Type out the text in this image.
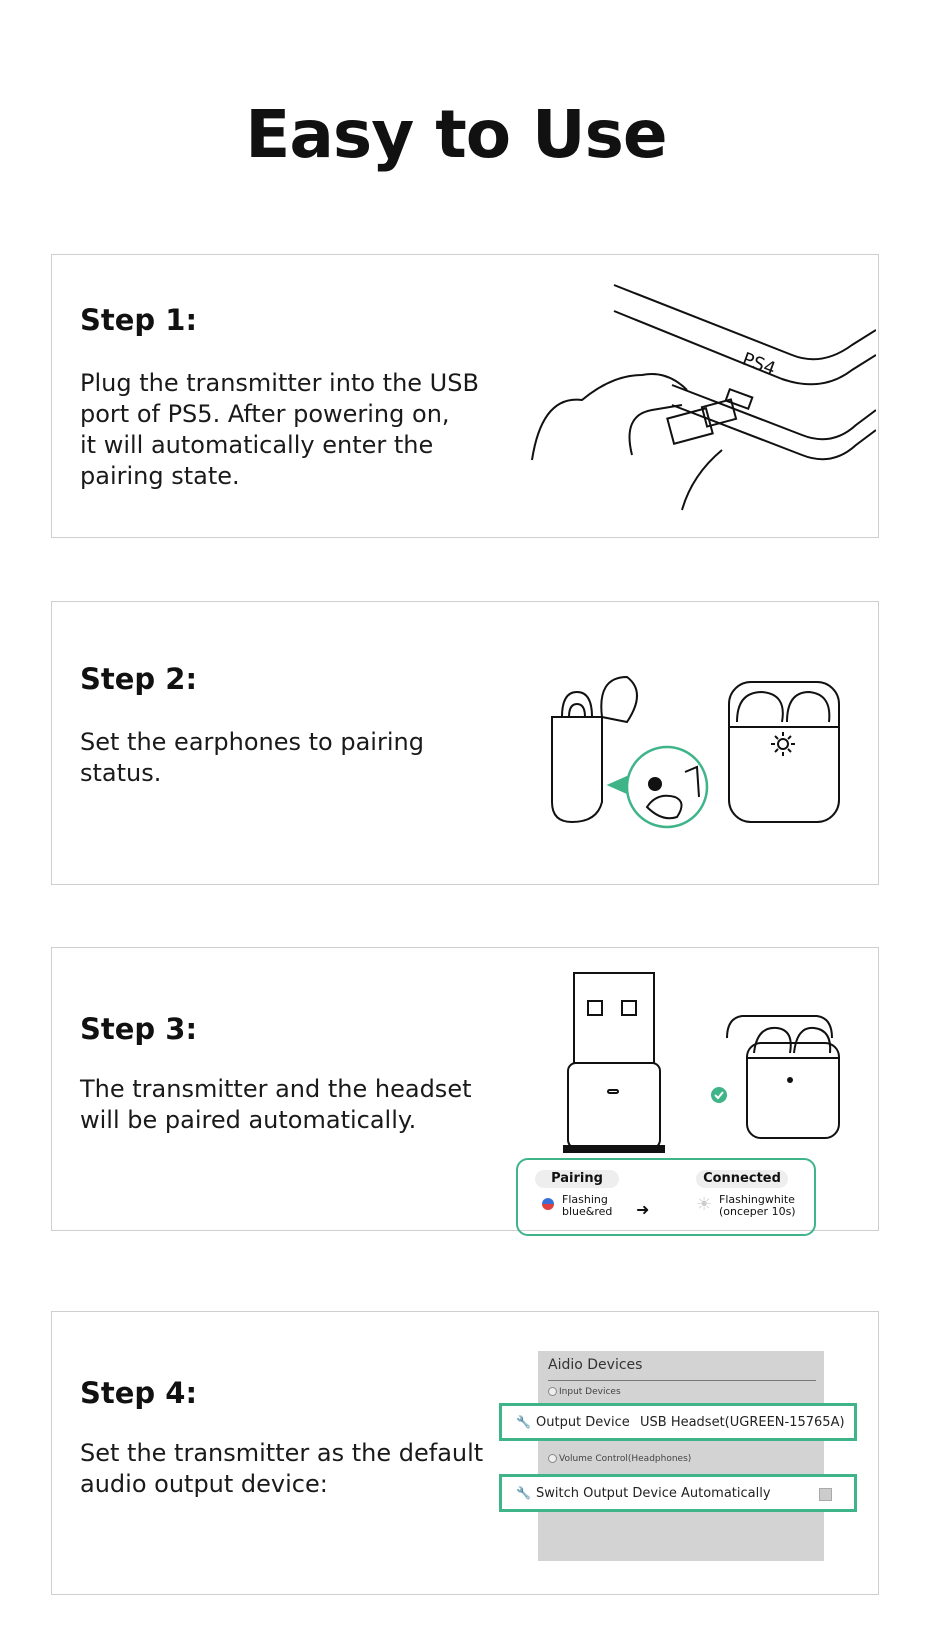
Easy to Use
Step 1:
Plug the transmitter into the USB
port of PS5. After powering on,
it will automatically enter the
pairing state.
PS4
Step 2:
Set the earphones to pairing
status.
Step 3:
The transmitter and the headset
will be paired automatically.
Pairing
Flashing
blue&red ➜
Connected
☀ Flashingwhite
(onceper 10s)
Step 4:
Set the transmitter as the default
audio output device:
Aidio Devices
Input Devices
Volume Control(Headphones)
🔧 Output Device USB Headset(UGREEN-15765A)
🔧 Switch Output Device Automatically
